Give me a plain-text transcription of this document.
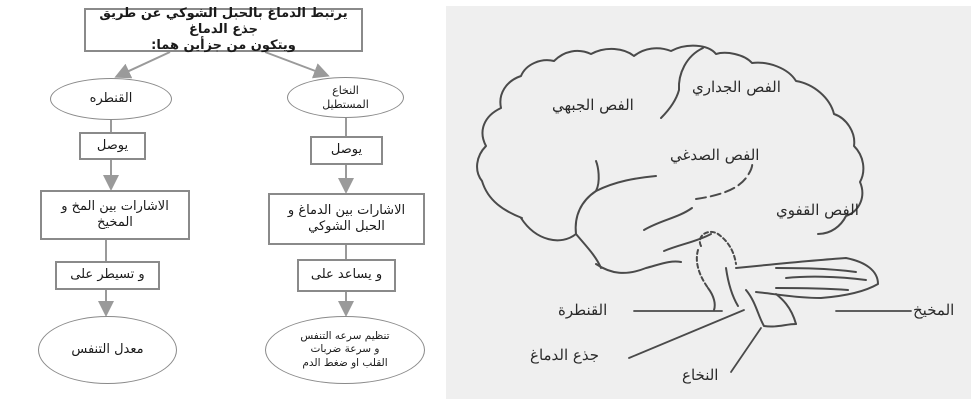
يرتبط الدماغ بالحبل الشوكي عن طريق جذع الدماغ
ويتكون من جزأين هما:
القنطره
يوصل
الاشارات بين المخ و
المخيخ
و تسيطر على
معدل التنفس
النخاع
المستطيل
يوصل
الاشارات بين الدماغ و
الحبل الشوكي
و يساعد على
تنظيم سرعه التنفس
و سرعة ضربات
القلب او ضغط الدم
الفص الجداري
الفص الجبهي
الفص الصدغي
الفص القفوي
المخيخ
القنطرة
جذع الدماغ
النخاع
